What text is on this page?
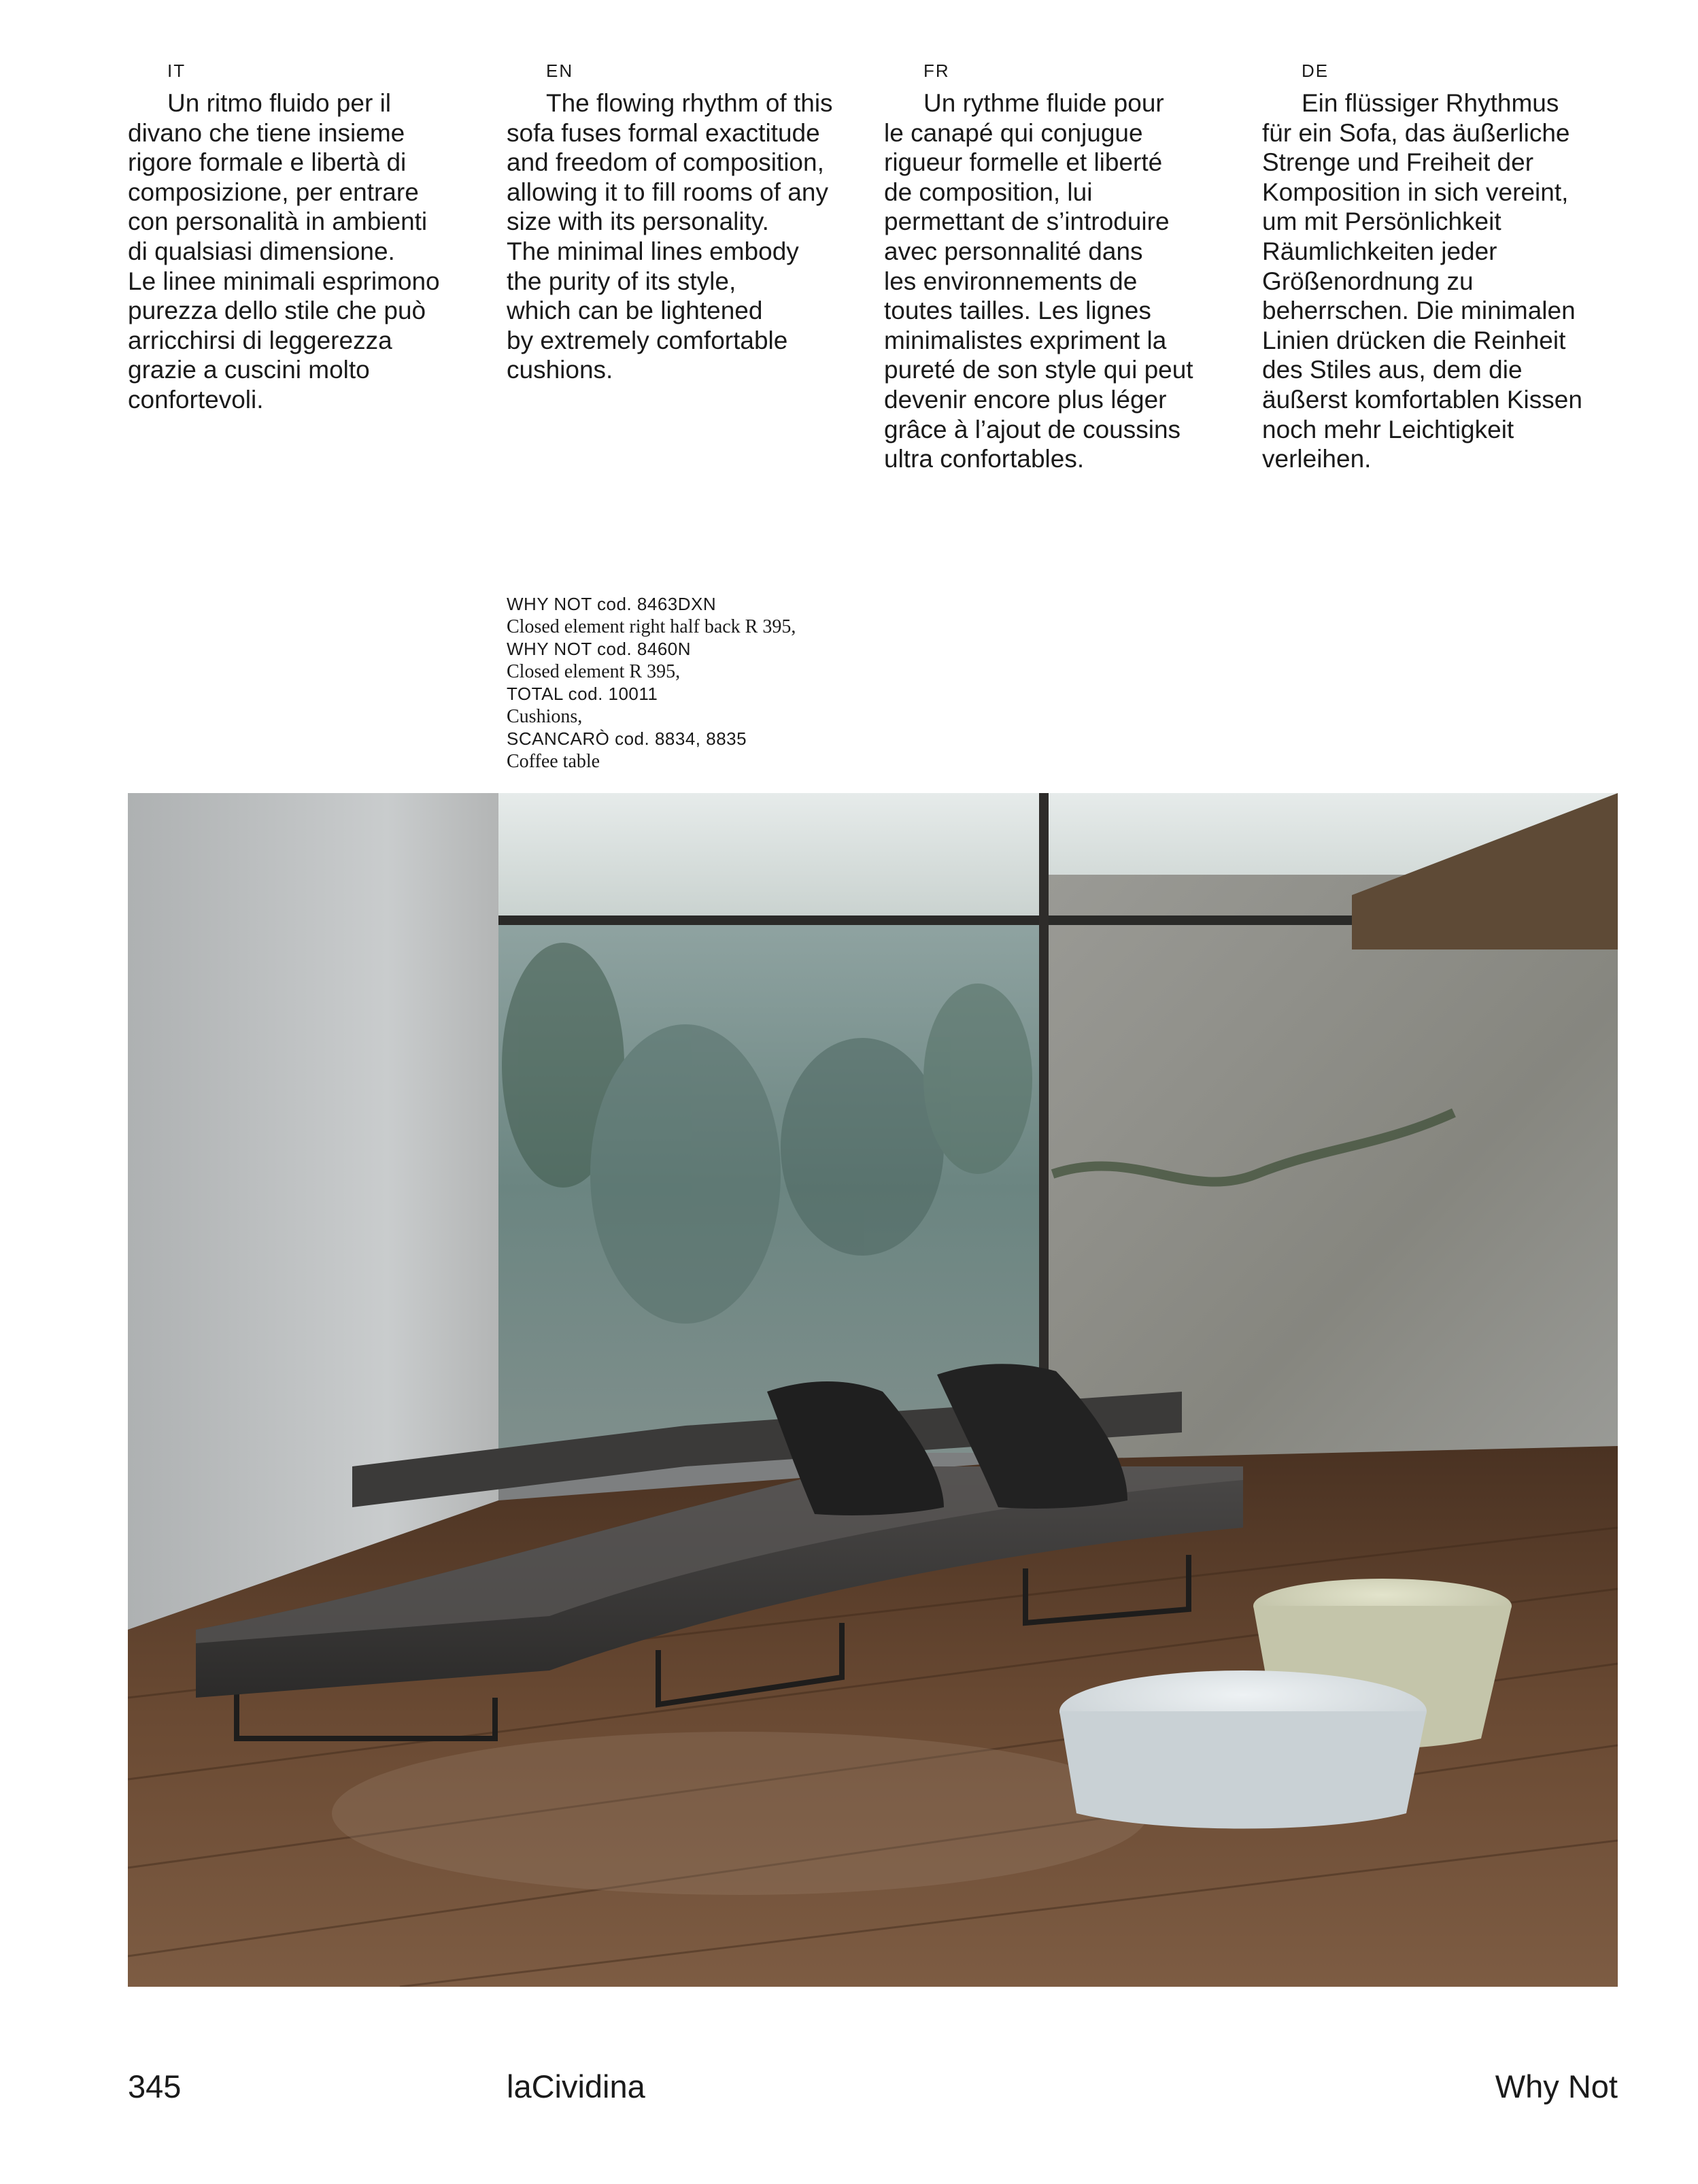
IT
Un ritmo fluido per il
divano che tiene insieme
rigore formale e libertà di
composizione, per entrare
con personalità in ambienti
di qualsiasi dimensione.
Le linee minimali esprimono
purezza dello stile che può
arricchirsi di leggerezza
grazie a cuscini molto
confortevoli.
EN
The flowing rhythm of this
sofa fuses formal exactitude
and freedom of composition,
allowing it to fill rooms of any
size with its personality.
The minimal lines embody
the purity of its style,
which can be lightened
by extremely comfortable
cushions.
FR
Un rythme fluide pour
le canapé qui conjugue
rigueur formelle et liberté
de composition, lui
permettant de s’introduire
avec personnalité dans
les environnements de
toutes tailles. Les lignes
minimalistes expriment la
pureté de son style qui peut
devenir encore plus léger
grâce à l’ajout de coussins
ultra confortables.
DE
Ein flüssiger Rhythmus
für ein Sofa, das äußerliche
Strenge und Freiheit der
Komposition in sich vereint,
um mit Persönlichkeit
Räumlichkeiten jeder
Größenordnung zu
beherrschen. Die minimalen
Linien drücken die Reinheit
des Stiles aus, dem die
äußerst komfortablen Kissen
noch mehr Leichtigkeit
verleihen.
WHY NOT cod. 8463DXN
Closed element right half back R 395,
WHY NOT cod. 8460N
Closed element R 395,
TOTAL cod. 10011
Cushions,
SCANCARÒ cod. 8834, 8835
Coffee table
345	laCividina	Why Not
